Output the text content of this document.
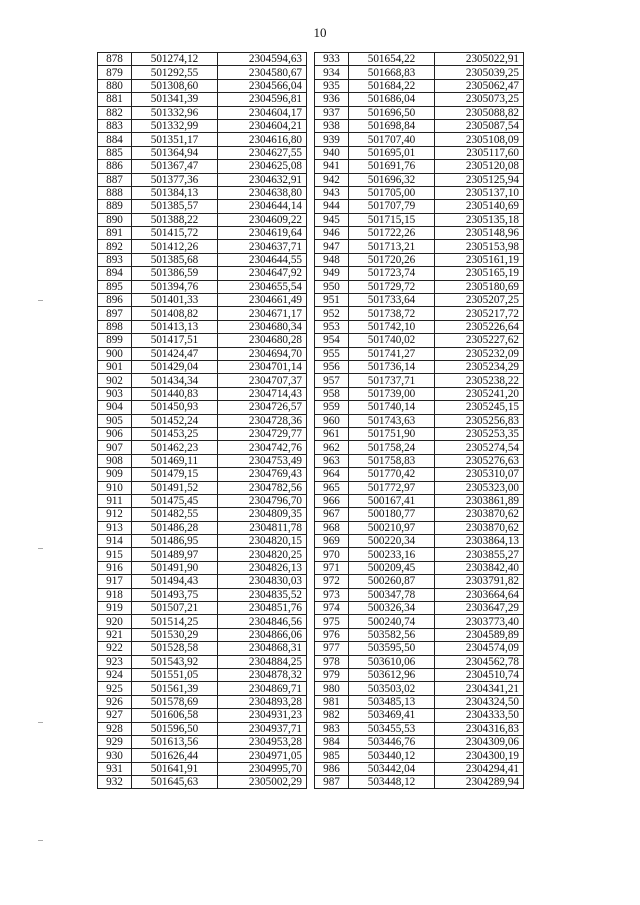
10
878	501274,12	2304594,63
879	501292,55	2304580,67
880	501308,60	2304566,04
881	501341,39	2304596,81
882	501332,96	2304604,17
883	501332,99	2304604,21
884	501351,17	2304616,80
885	501364,94	2304627,55
886	501367,47	2304625,08
887	501377,36	2304632,91
888	501384,13	2304638,80
889	501385,57	2304644,14
890	501388,22	2304609,22
891	501415,72	2304619,64
892	501412,26	2304637,71
893	501385,68	2304644,55
894	501386,59	2304647,92
895	501394,76	2304655,54
896	501401,33	2304661,49
897	501408,82	2304671,17
898	501413,13	2304680,34
899	501417,51	2304680,28
900	501424,47	2304694,70
901	501429,04	2304701,14
902	501434,34	2304707,37
903	501440,83	2304714,43
904	501450,93	2304726,57
905	501452,24	2304728,36
906	501453,25	2304729,77
907	501462,23	2304742,76
908	501469,11	2304753,49
909	501479,15	2304769,43
910	501491,52	2304782,56
911	501475,45	2304796,70
912	501482,55	2304809,35
913	501486,28	2304811,78
914	501486,95	2304820,15
915	501489,97	2304820,25
916	501491,90	2304826,13
917	501494,43	2304830,03
918	501493,75	2304835,52
919	501507,21	2304851,76
920	501514,25	2304846,56
921	501530,29	2304866,06
922	501528,58	2304868,31
923	501543,92	2304884,25
924	501551,05	2304878,32
925	501561,39	2304869,71
926	501578,69	2304893,28
927	501606,58	2304931,23
928	501596,50	2304937,71
929	501613,56	2304953,28
930	501626,44	2304971,05
931	501641,91	2304995,70
932	501645,63	2305002,29
933	501654,22	2305022,91
934	501668,83	2305039,25
935	501684,22	2305062,47
936	501686,04	2305073,25
937	501696,50	2305088,82
938	501698,84	2305087,54
939	501707,40	2305108,09
940	501695,01	2305117,60
941	501691,76	2305120,08
942	501696,32	2305125,94
943	501705,00	2305137,10
944	501707,79	2305140,69
945	501715,15	2305135,18
946	501722,26	2305148,96
947	501713,21	2305153,98
948	501720,26	2305161,19
949	501723,74	2305165,19
950	501729,72	2305180,69
951	501733,64	2305207,25
952	501738,72	2305217,72
953	501742,10	2305226,64
954	501740,02	2305227,62
955	501741,27	2305232,09
956	501736,14	2305234,29
957	501737,71	2305238,22
958	501739,00	2305241,20
959	501740,14	2305245,15
960	501743,63	2305256,83
961	501751,90	2305253,35
962	501758,24	2305274,54
963	501758,83	2305276,63
964	501770,42	2305310,07
965	501772,97	2305323,00
966	500167,41	2303861,89
967	500180,77	2303870,62
968	500210,97	2303870,62
969	500220,34	2303864,13
970	500233,16	2303855,27
971	500209,45	2303842,40
972	500260,87	2303791,82
973	500347,78	2303664,64
974	500326,34	2303647,29
975	500240,74	2303773,40
976	503582,56	2304589,89
977	503595,50	2304574,09
978	503610,06	2304562,78
979	503612,96	2304510,74
980	503503,02	2304341,21
981	503485,13	2304324,50
982	503469,41	2304333,50
983	503455,53	2304316,83
984	503446,76	2304309,06
985	503440,12	2304300,19
986	503442,04	2304294,41
987	503448,12	2304289,94
